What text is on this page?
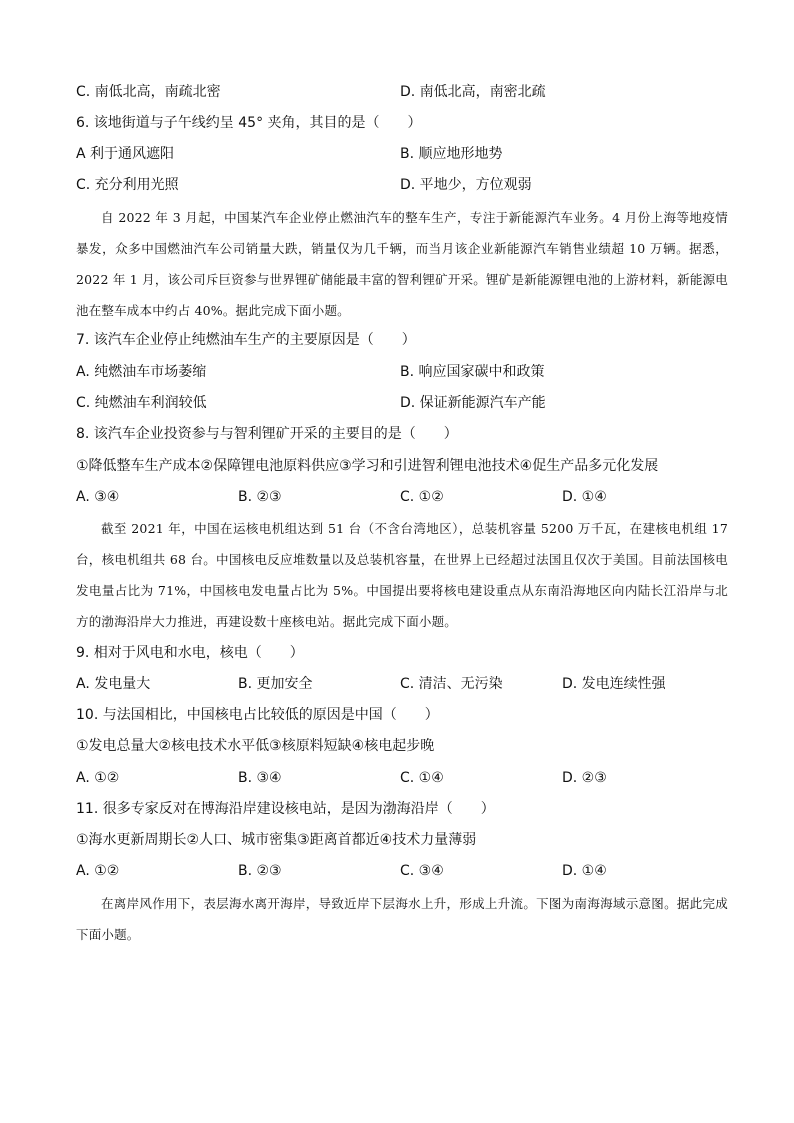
C. 南低北高，南疏北密	D. 南低北高，南密北疏
6. 该地街道与子午线约呈 45° 夹角，其目的是（　　）
A 利于通风遮阳	B. 顺应地形地势
C. 充分利用光照	D. 平地少，方位观弱
自 2022 年 3 月起，中国某汽车企业停止燃油汽车的整车生产，专注于新能源汽车业务。4 月份上海等地疫情暴发，众多中国燃油汽车公司销量大跌，销量仅为几千辆，而当月该企业新能源汽车销售业绩超 10 万辆。据悉，2022 年 1 月，该公司斥巨资参与世界锂矿储能最丰富的智利锂矿开采。锂矿是新能源锂电池的上游材料，新能源电池在整车成本中约占 40%。据此完成下面小题。
7. 该汽车企业停止纯燃油车生产的主要原因是（　　）
A. 纯燃油车市场萎缩	B. 响应国家碳中和政策
C. 纯燃油车利润较低	D. 保证新能源汽车产能
8. 该汽车企业投资参与与智利锂矿开采的主要目的是（　　）
①降低整车生产成本②保障锂电池原料供应③学习和引进智利锂电池技术④促生产品多元化发展
A. ③④	B. ②③	C. ①②	D. ①④
截至 2021 年，中国在运核电机组达到 51 台（不含台湾地区），总装机容量 5200 万千瓦，在建核电机组 17 台，核电机组共 68 台。中国核电反应堆数量以及总装机容量，在世界上已经超过法国且仅次于美国。目前法国核电发电量占比为 71%，中国核电发电量占比为 5%。中国提出要将核电建设重点从东南沿海地区向内陆长江沿岸与北方的渤海沿岸大力推进，再建设数十座核电站。据此完成下面小题。
9. 相对于风电和水电，核电（　　）
A. 发电量大	B. 更加安全	C. 清洁、无污染	D. 发电连续性强
10. 与法国相比，中国核电占比较低的原因是中国（　　）
①发电总量大②核电技术水平低③核原料短缺④核电起步晚
A. ①②	B. ③④	C. ①④	D. ②③
11. 很多专家反对在博海沿岸建设核电站，是因为渤海沿岸（　　）
①海水更新周期长②人口、城市密集③距离首都近④技术力量薄弱
A. ①②	B. ②③	C. ③④	D. ①④
在离岸风作用下，表层海水离开海岸，导致近岸下层海水上升，形成上升流。下图为南海海域示意图。据此完成下面小题。
